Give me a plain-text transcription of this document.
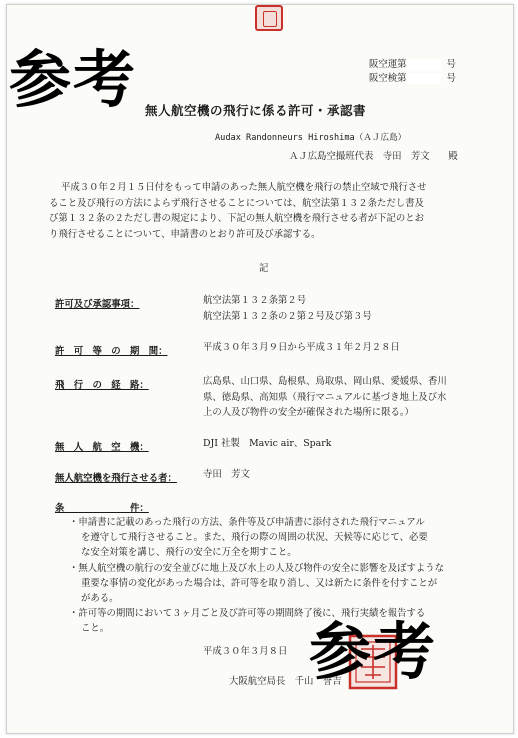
阪空運第	号
阪空検第	号
参考 無人航空機の飛行に係る許可・承認書
Audax Randonneurs Hiroshima（ＡＪ広島）
ＡＪ広島空撮班代表　寺田　芳文　　殿
平成３０年２月１５日付をもって申請のあった無人航空機を飛行の禁止空域で飛行させ
ること及び飛行の方法によらず飛行させることについては、航空法第１３２条ただし書及
び第１３２条の２ただし書の規定により、下記の無人航空機を飛行させる者が下記のとお
り飛行させることについて、申請書のとおり許可及び承認する。
記
許可及び承認事項：	航空法第１３２条第２号
航空法第１３２条の２第２号及び第３号
許　可　等　の　期　間：	平成３０年３月９日から平成３１年２月２８日
飛　行　の　経　路：	広島県、山口県、島根県、鳥取県、岡山県、愛媛県、香川
県、徳島県、高知県（飛行マニュアルに基づき地上及び水
上の人及び物件の安全が確保された場所に限る。）
無　人　航　空　機：	DJI 社製　Mavic air、Spark
無人航空機を飛行させる者：	寺田　芳文
条　　　　　　　件：
・申請書に記載のあった飛行の方法、条件等及び申請書に添付された飛行マニュアル
を遵守して飛行させること。また、飛行の際の周囲の状況、天候等に応じて、必要
な安全対策を講じ、飛行の安全に万全を期すこと。
・無人航空機の航行の安全並びに地上及び水上の人及び物件の安全に影響を及ぼすような
重要な事情の変化があった場合は、許可等を取り消し、又は新たに条件を付すことが
がある。
・許可等の期間において３ヶ月ごと及び許可等の期間終了後に、飛行実績を報告する
こと。
平成３０年３月８日
大阪航空局長　千山　誉吉
参考
